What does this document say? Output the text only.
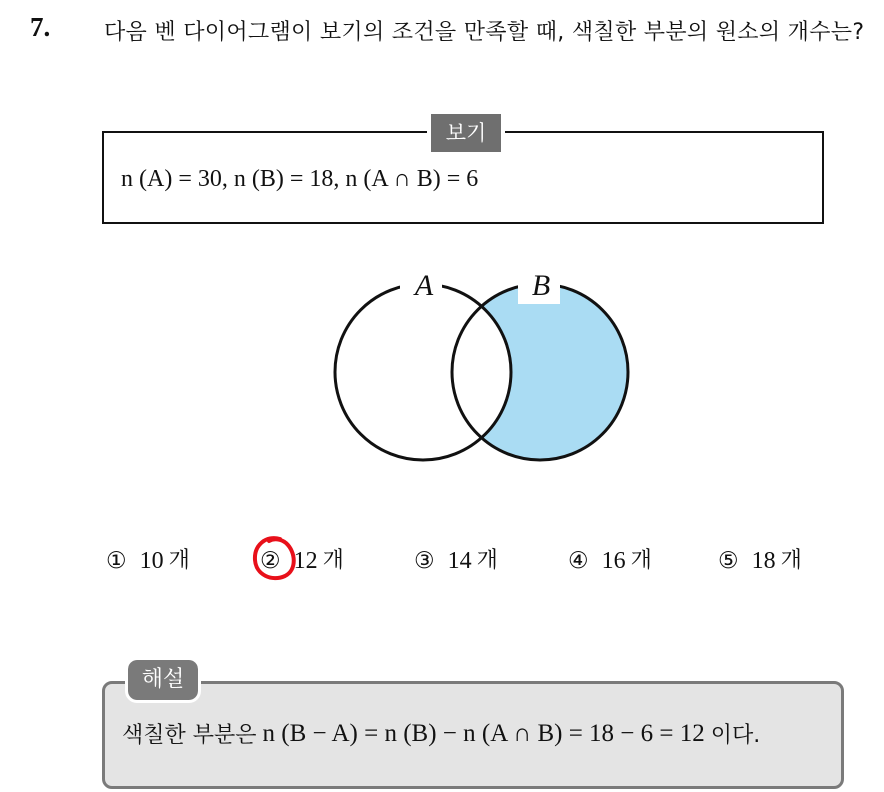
7. 다음 벤 다이어그램이 보기의 조건을 만족할 때, 색칠한 부분의 원소의 개수는?
보기
n (A) = 30, n (B) = 18, n (A ∩ B) = 6
A	B
① 10 개	② 12 개	③ 14 개	④ 16 개	⑤ 18 개
해설
색칠한 부분은 n (B − A) = n (B) − n (A ∩ B) = 18 − 6 = 12 이다.
